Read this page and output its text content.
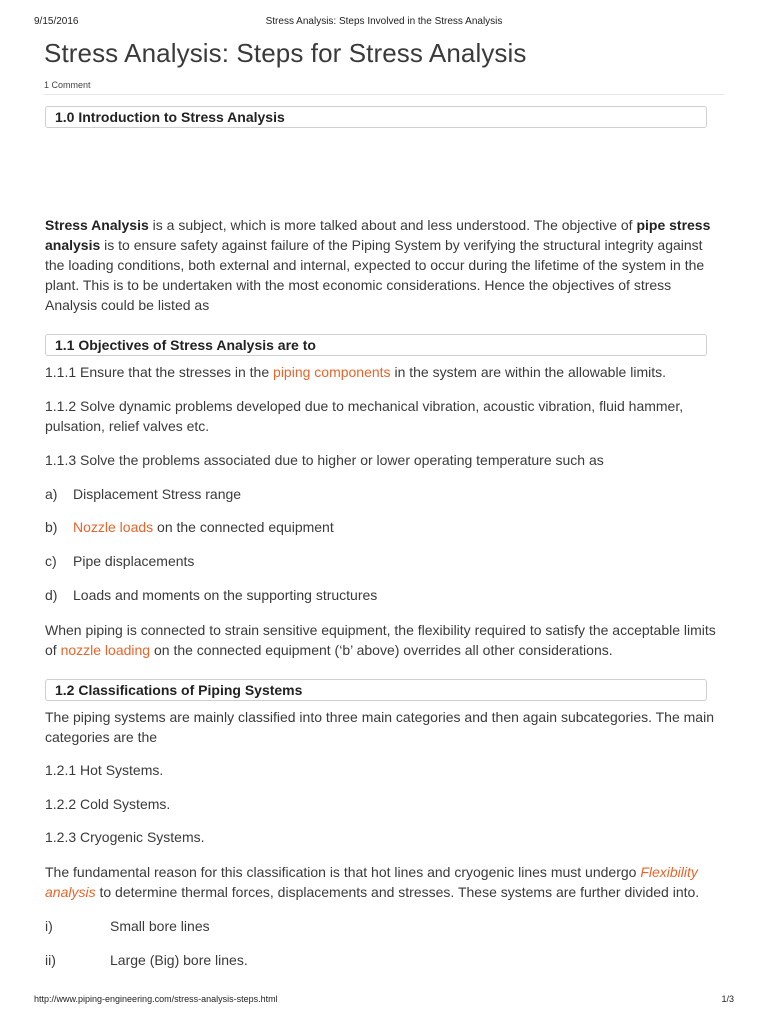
9/15/2016	Stress Analysis: Steps Involved in the Stress Analysis
Stress Analysis: Steps for Stress Analysis
1 Comment
1.0 Introduction to Stress Analysis

Stress Analysis is a subject, which is more talked about and less understood. The objective of pipe stress analysis is to ensure safety against failure of the Piping System by verifying the structural integrity against the loading conditions, both external and internal, expected to occur during the lifetime of the system in the plant. This is to be undertaken with the most economic considerations. Hence the objectives of stress Analysis could be listed as

1.1 Objectives of Stress Analysis are to

1.1.1 Ensure that the stresses in the piping components in the system are within the allowable limits.

1.1.2 Solve dynamic problems developed due to mechanical vibration, acoustic vibration, fluid hammer, pulsation, relief valves etc.

1.1.3 Solve the problems associated due to higher or lower operating temperature such as

a) Displacement Stress range

b) Nozzle loads on the connected equipment

c) Pipe displacements

d) Loads and moments on the supporting structures

When piping is connected to strain sensitive equipment, the flexibility required to satisfy the acceptable limits of nozzle loading on the connected equipment (‘b’ above) overrides all other considerations.

1.2 Classifications of Piping Systems

The piping systems are mainly classified into three main categories and then again subcategories. The main categories are the

1.2.1 Hot Systems.

1.2.2 Cold Systems.

1.2.3 Cryogenic Systems.

The fundamental reason for this classification is that hot lines and cryogenic lines must undergo Flexibility analysis to determine thermal forces, displacements and stresses. These systems are further divided into.

i)	Small bore lines

ii)	Large (Big) bore lines.

http://www.piping-engineering.com/stress-analysis-steps.html	1/3
